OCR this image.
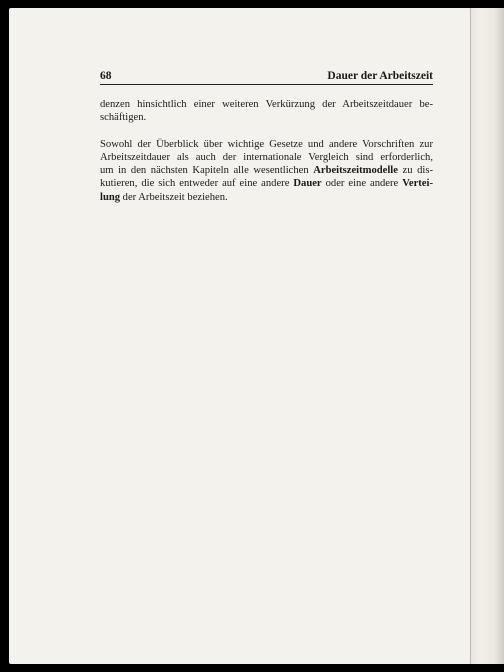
68	Dauer der Arbeitszeit

denzen hinsichtlich einer weiteren Verkürzung der Arbeitszeitdauer be-
schäftigen.

Sowohl der Überblick über wichtige Gesetze und andere Vorschriften zur
Arbeitszeitdauer als auch der internationale Vergleich sind erforderlich,
um in den nächsten Kapiteln alle wesentlichen Arbeitszeitmodelle zu dis-
kutieren, die sich entweder auf eine andere Dauer oder eine andere Vertei-
lung der Arbeitszeit beziehen.
